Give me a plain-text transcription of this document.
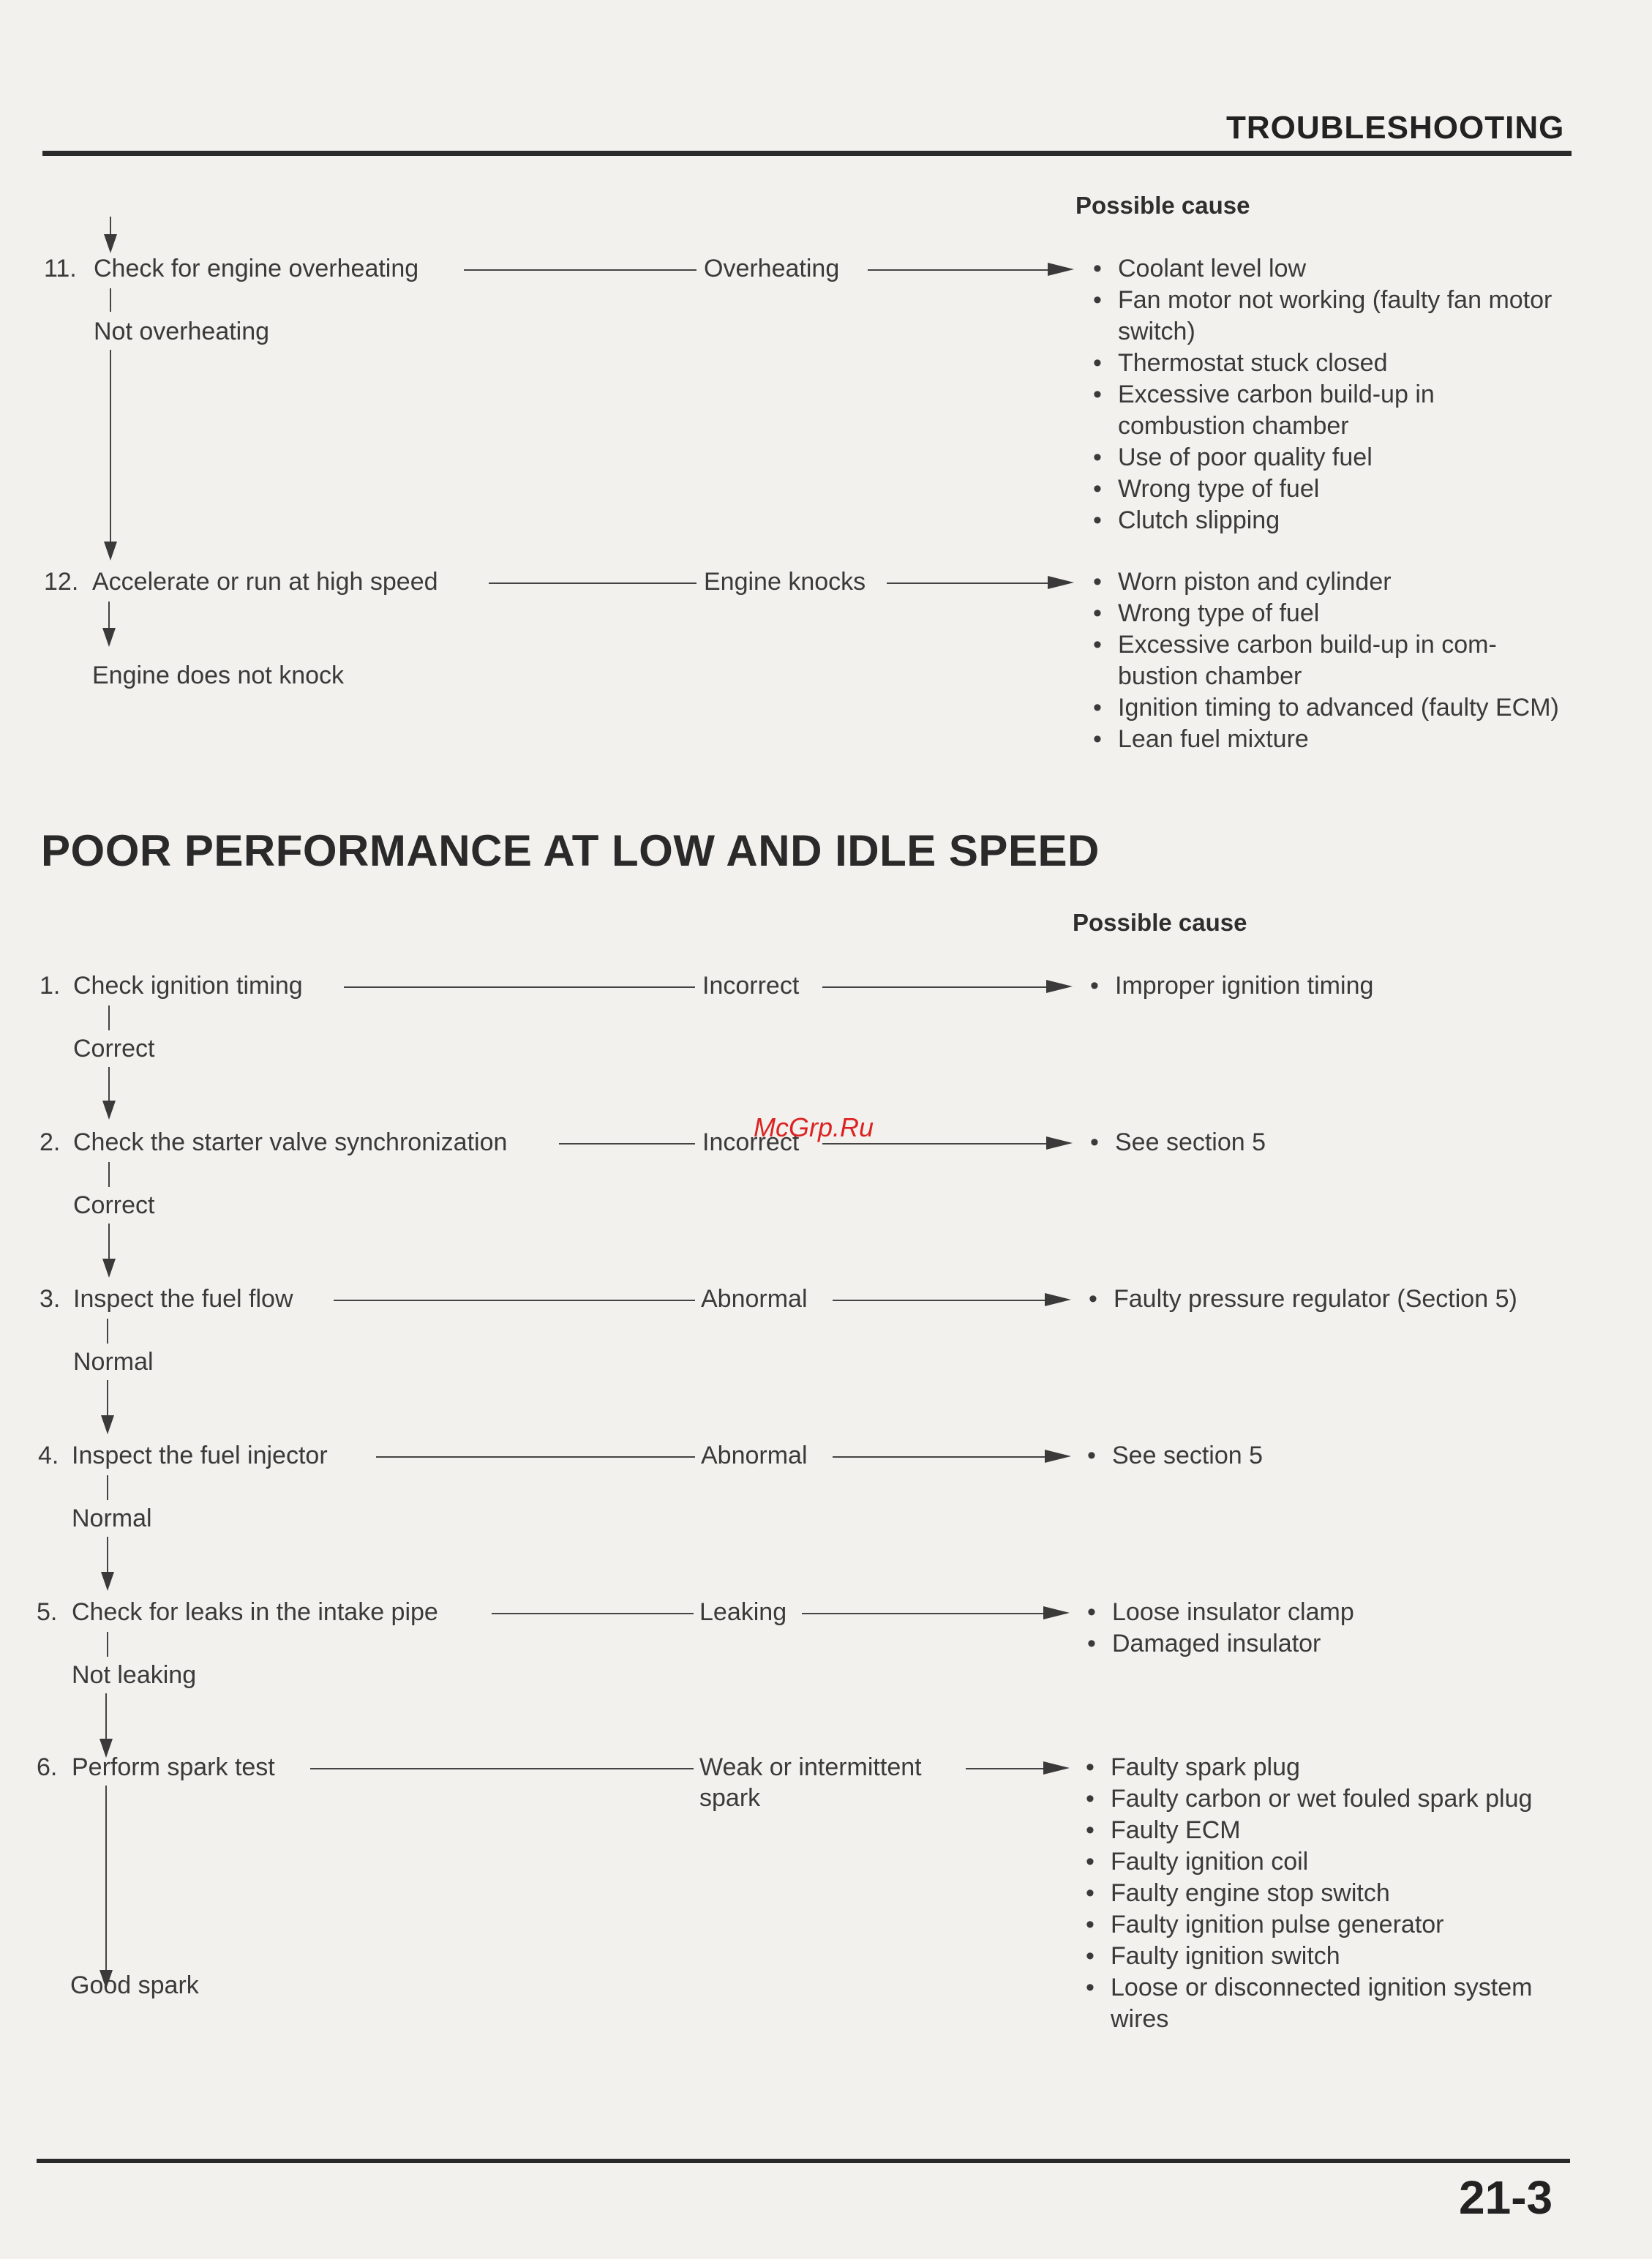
TROUBLESHOOTING
Possible cause
11. Check for engine overheating	Overheating	• Coolant level low
• Fan motor not working (faulty fan motor switch)
• Thermostat stuck closed
• Excessive carbon build-up in combustion chamber
• Use of poor quality fuel
• Wrong type of fuel
• Clutch slipping
Not overheating
12. Accelerate or run at high speed	Engine knocks	• Worn piston and cylinder
• Wrong type of fuel
• Excessive carbon build-up in com- bustion chamber
• Ignition timing to advanced (faulty ECM)
• Lean fuel mixture
Engine does not knock
POOR PERFORMANCE AT LOW AND IDLE SPEED
Possible cause
1. Check ignition timing	Incorrect	• Improper ignition timing
Correct
2. Check the starter valve synchronization	Incorrect	• See section 5
McGrp.Ru
Correct
3. Inspect the fuel flow	Abnormal	• Faulty pressure regulator (Section 5)
Normal
4. Inspect the fuel injector	Abnormal	• See section 5
Normal
5. Check for leaks in the intake pipe	Leaking	• Loose insulator clamp
• Damaged insulator
Not leaking
6. Perform spark test	Weak or intermittent spark
• Faulty spark plug
• Faulty carbon or wet fouled spark plug
• Faulty ECM
• Faulty ignition coil
• Faulty engine stop switch
• Faulty ignition pulse generator
• Faulty ignition switch
• Loose or disconnected ignition system wires
Good spark
21-3
